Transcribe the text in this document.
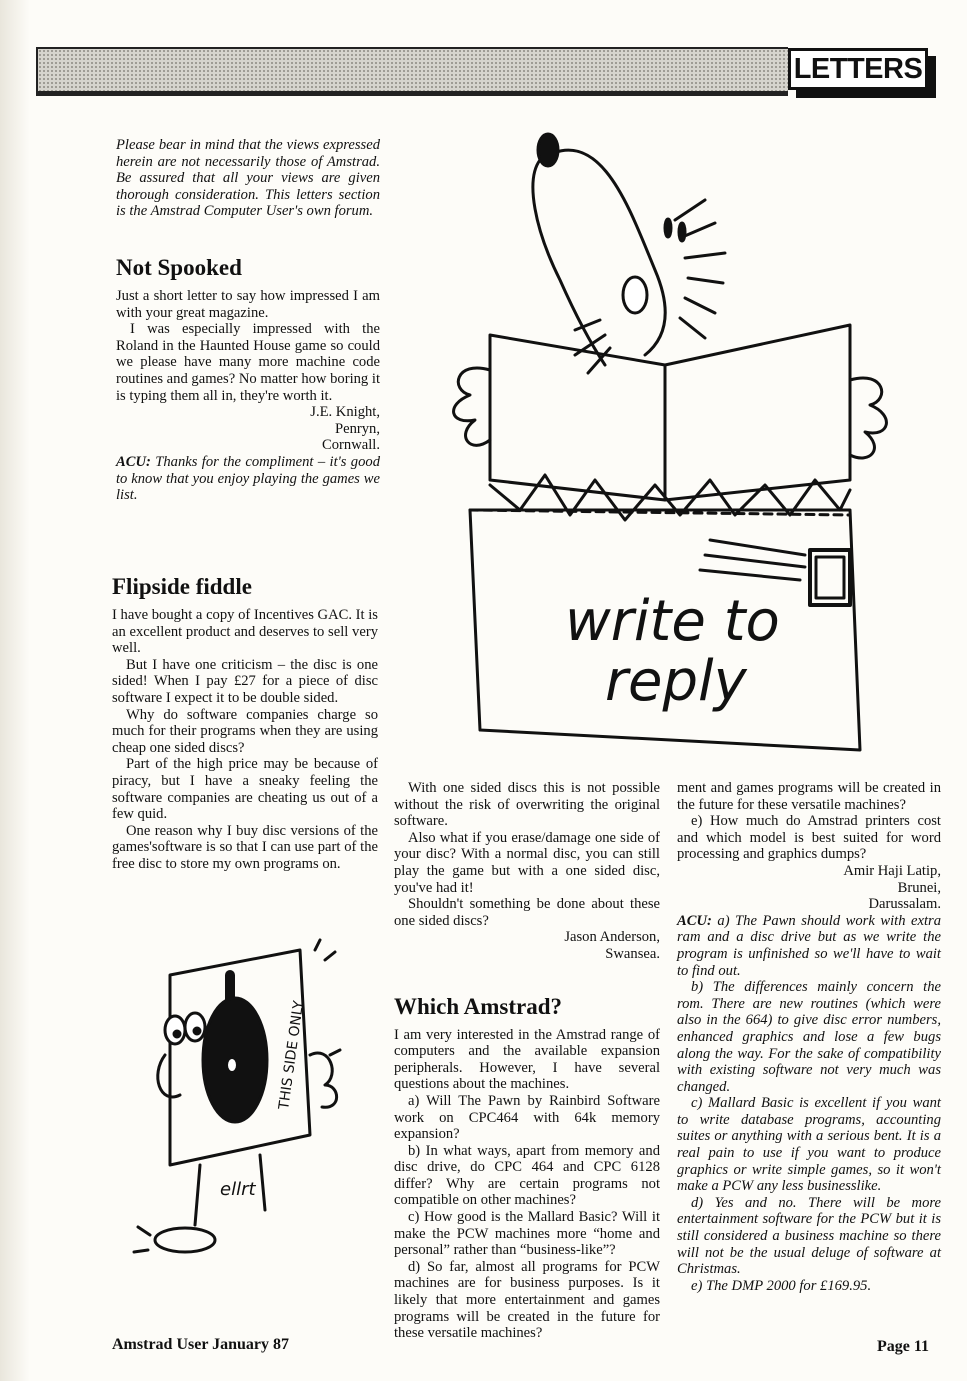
LETTERS

Please bear in mind that the views expressed herein are not necessarily those of Amstrad. Be assured that all your views are given thorough consideration. This letters section is the Amstrad Computer User's own forum.

Not Spooked

Just a short letter to say how impressed I am with your great magazine.

I was especially impressed with the Roland in the Haunted House game so could we please have many more machine code routines and games? No matter how boring it is typing them all in, they're worth it.

J.E. Knight,

Penryn,

Cornwall.

ACU: Thanks for the compliment – it's good to know that you enjoy playing the games we list.

Flipside fiddle

I have bought a copy of Incentives GAC. It is an excellent product and deserves to sell very well.

But I have one criticism – the disc is one sided! When I pay £27 for a piece of disc software I expect it to be double sided.

Why do software companies charge so much for their programs when they are using cheap one sided discs?

Part of the high price may be because of piracy, but I have a sneaky feeling the software companies are cheating us out of a few quid.

One reason why I buy disc versions of the games'software is so that I can use part of the free disc to store my own programs on.

With one sided discs this is not possible without the risk of overwriting the original software.

Also what if you erase/damage one side of your disc? With a normal disc, you can still play the game but with a one sided disc, you've had it!

Shouldn't something be done about these one sided discs?

Jason Anderson,

Swansea.

Which Amstrad?

I am very interested in the Amstrad range of computers and the available expansion peripherals. However, I have several questions about the machines.

a) Will The Pawn by Rainbird Software work on CPC464 with 64k memory expansion?

b) In what ways, apart from memory and disc drive, do CPC 464 and CPC 6128 differ? Why are certain programs not compatible on other machines?

c) How good is the Mallard Basic? Will it make the PCW machines more “home and personal” rather than “business-like”?

d) So far, almost all programs for PCW machines are for business purposes. Is it likely that more entertainment and games programs will be created in the future for these versatile machines?

ment and games programs will be created in the future for these versatile machines?

e) How much do Amstrad printers cost and which model is best suited for word processing and graphics dumps?

Amir Haji Latip,

Brunei,

Darussalam.

ACU: a) The Pawn should work with extra ram and a disc drive but as we write the program is unfinished so we'll have to wait to find out.

b) The differences mainly concern the rom. There are new routines (which were also in the 664) to give disc error numbers, enhanced graphics and lose a few bugs along the way. For the sake of compatibility with existing software not very much was changed.

c) Mallard Basic is excellent if you want to write database programs, accounting suites or anything with a serious bent. It is a real pain to use if you want to produce graphics or write simple games, so it won't make a PCW any less businesslike.

d) Yes and no. There will be more entertainment software for the PCW but it is still considered a business machine so there will not be the usual deluge of software at Christmas.

e) The DMP 2000 for £169.95.

write to
reply
THIS SIDE ONLY
ellrt
Amstrad User January 87	Page 11
